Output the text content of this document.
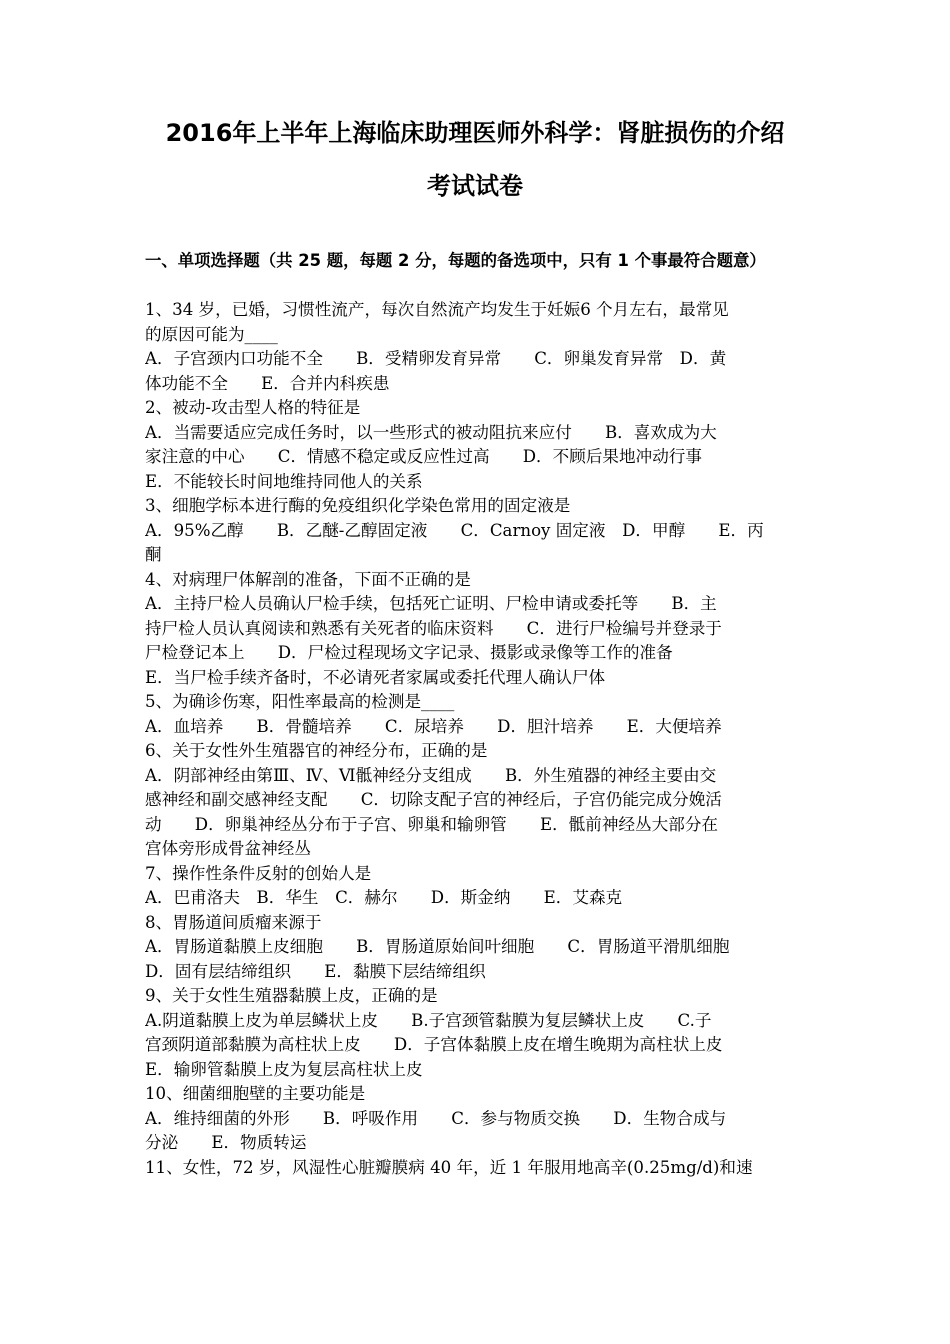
2016年上半年上海临床助理医师外科学：肾脏损伤的介绍
考试试卷
一、单项选择题（共 25 题，每题 2 分，每题的备选项中，只有 1 个事最符合题意）
1、34 岁，已婚，习惯性流产，每次自然流产均发生于妊娠6 个月左右，最常见
的原因可能为____
A．子宫颈内口功能不全　　B．受精卵发育异常　　C．卵巢发育异常　D．黄
体功能不全　　E．合并内科疾患
2、被动-攻击型人格的特征是
A．当需要适应完成任务时，以一些形式的被动阻抗来应付　　B．喜欢成为大
家注意的中心　　C．情感不稳定或反应性过高　　D．不顾后果地冲动行事
E．不能较长时间地维持同他人的关系
3、细胞学标本进行酶的免疫组织化学染色常用的固定液是
A．95%乙醇　　B．乙醚-乙醇固定液　　C．Carnoy 固定液　D．甲醇　　E．丙
酮
4、对病理尸体解剖的准备，下面不正确的是
A．主持尸检人员确认尸检手续，包括死亡证明、尸检申请或委托等　　B．主
持尸检人员认真阅读和熟悉有关死者的临床资料　　C．进行尸检编号并登录于
尸检登记本上　　D．尸检过程现场文字记录、摄影或录像等工作的准备
E．当尸检手续齐备时，不必请死者家属或委托代理人确认尸体
5、为确诊伤寒，阳性率最高的检测是____
A．血培养　　B．骨髓培养　　C．尿培养　　D．胆汁培养　　E．大便培养
6、关于女性外生殖器官的神经分布，正确的是
A．阴部神经由第Ⅲ、Ⅳ、Ⅵ骶神经分支组成　　B．外生殖器的神经主要由交
感神经和副交感神经支配　　C．切除支配子宫的神经后，子宫仍能完成分娩活
动　　D．卵巢神经丛分布于子宫、卵巢和输卵管　　E．骶前神经丛大部分在
宫体旁形成骨盆神经丛
7、操作性条件反射的创始人是
A．巴甫洛夫　B．华生　C．赫尔　　D．斯金纳　　E．艾森克
8、胃肠道间质瘤来源于
A．胃肠道黏膜上皮细胞　　B．胃肠道原始间叶细胞　　C．胃肠道平滑肌细胞
D．固有层结缔组织　　E．黏膜下层结缔组织
9、关于女性生殖器黏膜上皮，正确的是
A.阴道黏膜上皮为单层鳞状上皮　　B.子宫颈管黏膜为复层鳞状上皮　　C.子
宫颈阴道部黏膜为高柱状上皮　　D．子宫体黏膜上皮在增生晚期为高柱状上皮
E．输卵管黏膜上皮为复层高柱状上皮
10、细菌细胞壁的主要功能是
A．维持细菌的外形　　B．呼吸作用　　C．参与物质交换　　D．生物合成与
分泌　　E．物质转运
11、女性，72 岁，风湿性心脏瓣膜病 40 年，近 1 年服用地高辛(0.25mg/d)和速
